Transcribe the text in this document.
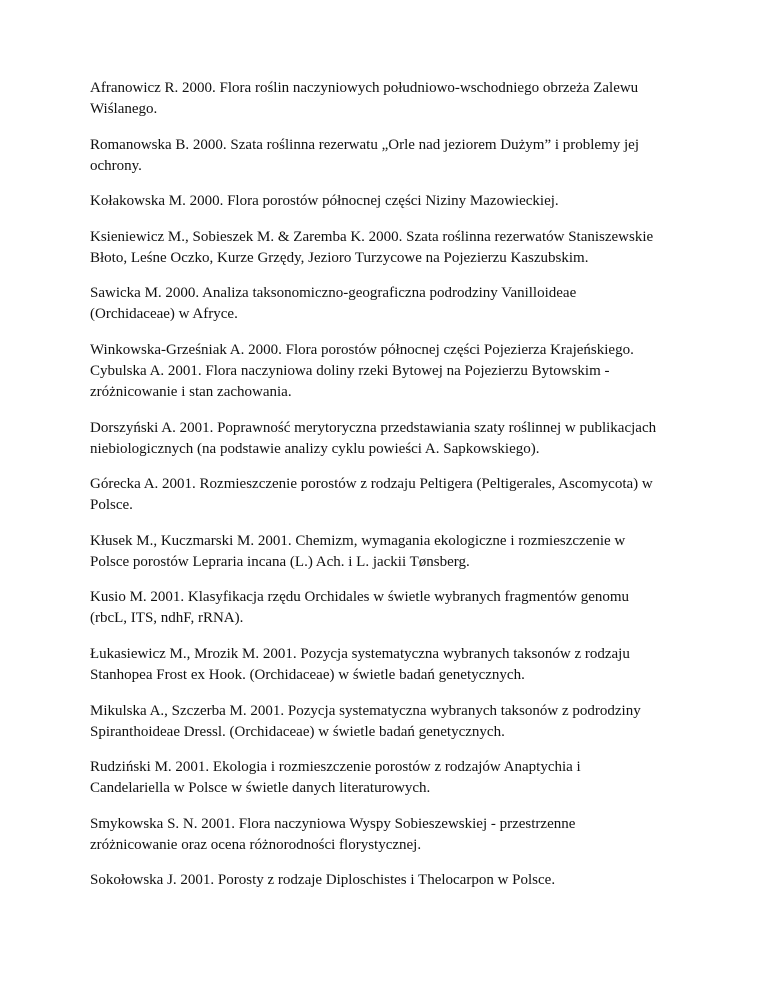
Afranowicz R. 2000. Flora roślin naczyniowych południowo-wschodniego obrzeża Zalewu
Wiślanego.

Romanowska B. 2000. Szata roślinna rezerwatu „Orle nad jeziorem Dużym” i problemy jej
ochrony.

Kołakowska M. 2000. Flora porostów północnej części Niziny Mazowieckiej.

Ksieniewicz M., Sobieszek M. & Zaremba K. 2000. Szata roślinna rezerwatów Staniszewskie
Błoto, Leśne Oczko, Kurze Grzędy, Jezioro Turzycowe na Pojezierzu Kaszubskim.

Sawicka M. 2000. Analiza taksonomiczno-geograficzna podrodziny Vanilloideae
(Orchidaceae) w Afryce.

Winkowska-Grześniak A. 2000. Flora porostów północnej części Pojezierza Krajeńskiego.
Cybulska A. 2001. Flora naczyniowa doliny rzeki Bytowej na Pojezierzu Bytowskim -
zróżnicowanie i stan zachowania.

Dorszyński A. 2001. Poprawność merytoryczna przedstawiania szaty roślinnej w publikacjach
niebiologicznych (na podstawie analizy cyklu powieści A. Sapkowskiego).

Górecka A. 2001. Rozmieszczenie porostów z rodzaju Peltigera (Peltigerales, Ascomycota) w
Polsce.

Kłusek M., Kuczmarski M. 2001. Chemizm, wymagania ekologiczne i rozmieszczenie w
Polsce porostów Lepraria incana (L.) Ach. i L. jackii Tønsberg.

Kusio M. 2001. Klasyfikacja rzędu Orchidales w świetle wybranych fragmentów genomu
(rbcL, ITS, ndhF, rRNA).

Łukasiewicz M., Mrozik M. 2001. Pozycja systematyczna wybranych taksonów z rodzaju
Stanhopea Frost ex Hook. (Orchidaceae) w świetle badań genetycznych.

Mikulska A., Szczerba M. 2001. Pozycja systematyczna wybranych taksonów z podrodziny
Spiranthoideae Dressl. (Orchidaceae) w świetle badań genetycznych.

Rudziński M. 2001. Ekologia i rozmieszczenie porostów z rodzajów Anaptychia i
Candelariella w Polsce w świetle danych literaturowych.

Smykowska S. N. 2001. Flora naczyniowa Wyspy Sobieszewskiej - przestrzenne
zróżnicowanie oraz ocena różnorodności florystycznej.

Sokołowska J. 2001. Porosty z rodzaje Diploschistes i Thelocarpon w Polsce.
